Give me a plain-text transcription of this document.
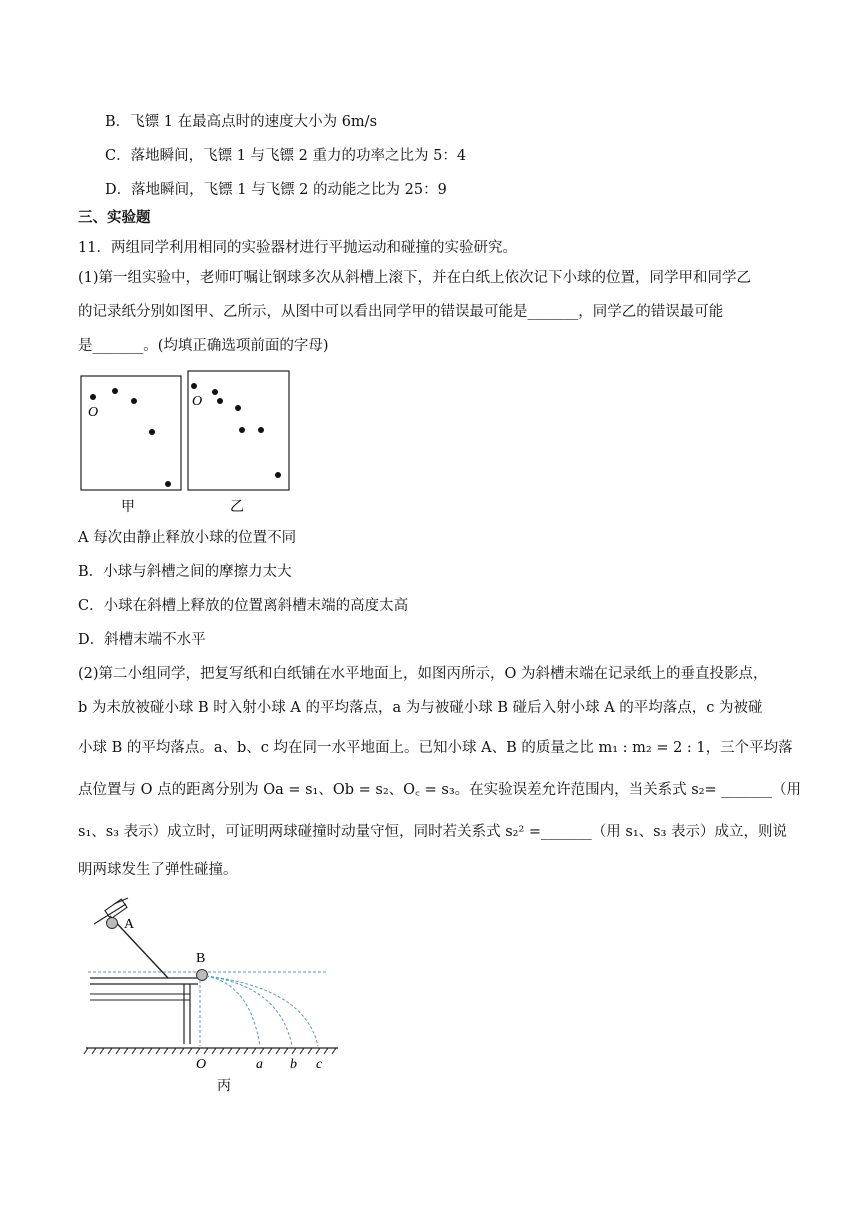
B．飞镖 1 在最高点时的速度大小为 6m/s
C．落地瞬间，飞镖 1 与飞镖 2 重力的功率之比为 5：4
D．落地瞬间，飞镖 1 与飞镖 2 的动能之比为 25：9
三、实验题
11．两组同学利用相同的实验器材进行平抛运动和碰撞的实验研究。
(1)第一组实验中，老师叮嘱让钢球多次从斜槽上滚下，并在白纸上依次记下小球的位置，同学甲和同学乙
的记录纸分别如图甲、乙所示，从图中可以看出同学甲的错误最可能是_______，同学乙的错误最可能
是_______。(均填正确选项前面的字母)
O
甲
O
乙
A 每次由静止释放小球的位置不同
B．小球与斜槽之间的摩擦力太大
C．小球在斜槽上释放的位置离斜槽末端的高度太高
D．斜槽末端不水平
(2)第二小组同学，把复写纸和白纸铺在水平地面上，如图丙所示，O 为斜槽末端在记录纸上的垂直投影点，
b 为未放被碰小球 B 时入射小球 A 的平均落点，a 为与被碰小球 B 碰后入射小球 A 的平均落点，c 为被碰
小球 B 的平均落点。a、b、c 均在同一水平地面上。已知小球 A、B 的质量之比 m₁ : m₂ = 2 : 1，三个平均落
点位置与 O 点的距离分别为 Oa = s₁、Ob = s₂、O꜀ = s₃。在实验误差允许范围内，当关系式 s₂= _______（用
s₁、s₃ 表示）成立时，可证明两球碰撞时动量守恒，同时若关系式 s₂² =_______（用 s₁、s₃ 表示）成立，则说
明两球发生了弹性碰撞。
A
B
O	a b c
丙
